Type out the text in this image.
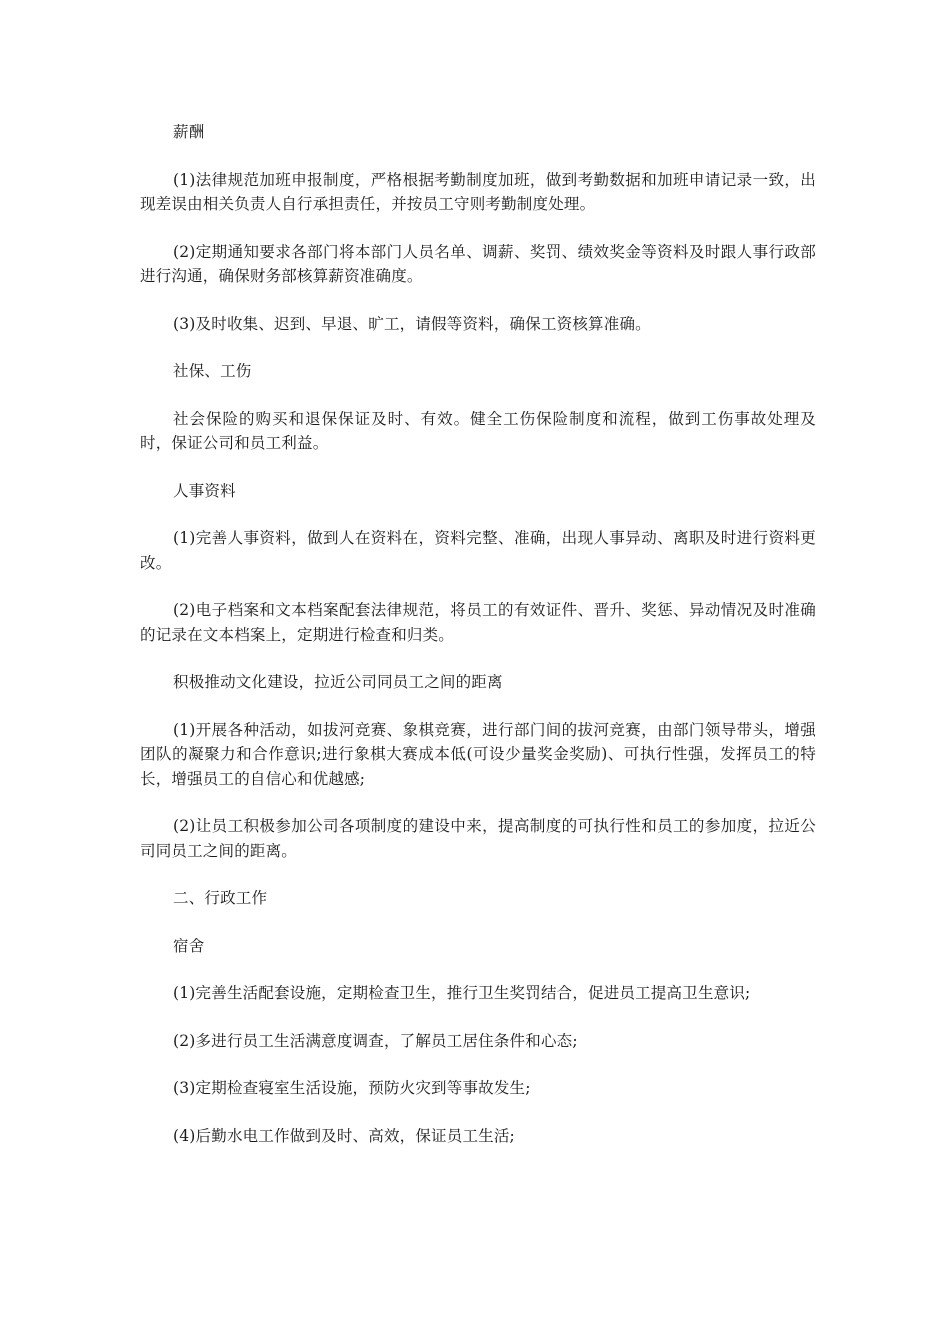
薪酬

(1)法律规范加班申报制度，严格根据考勤制度加班，做到考勤数据和加班申请记录一致，出现差误由相关负责人自行承担责任，并按员工守则考勤制度处理。

(2)定期通知要求各部门将本部门人员名单、调薪、奖罚、绩效奖金等资料及时跟人事行政部进行沟通，确保财务部核算薪资准确度。

(3)及时收集、迟到、早退、旷工，请假等资料，确保工资核算准确。

社保、工伤

社会保险的购买和退保保证及时、有效。健全工伤保险制度和流程，做到工伤事故处理及时，保证公司和员工利益。

人事资料

(1)完善人事资料，做到人在资料在，资料完整、准确，出现人事异动、离职及时进行资料更改。

(2)电子档案和文本档案配套法律规范，将员工的有效证件、晋升、奖惩、异动情况及时准确的记录在文本档案上，定期进行检查和归类。

积极推动文化建设，拉近公司同员工之间的距离

(1)开展各种活动，如拔河竞赛、象棋竞赛，进行部门间的拔河竞赛，由部门领导带头，增强团队的凝聚力和合作意识;进行象棋大赛成本低(可设少量奖金奖励)、可执行性强，发挥员工的特长，增强员工的自信心和优越感;

(2)让员工积极参加公司各项制度的建设中来，提高制度的可执行性和员工的参加度，拉近公司同员工之间的距离。

二、行政工作

宿舍

(1)完善生活配套设施，定期检查卫生，推行卫生奖罚结合，促进员工提高卫生意识;

(2)多进行员工生活满意度调查，了解员工居住条件和心态;

(3)定期检查寝室生活设施，预防火灾到等事故发生;

(4)后勤水电工作做到及时、高效，保证员工生活;
